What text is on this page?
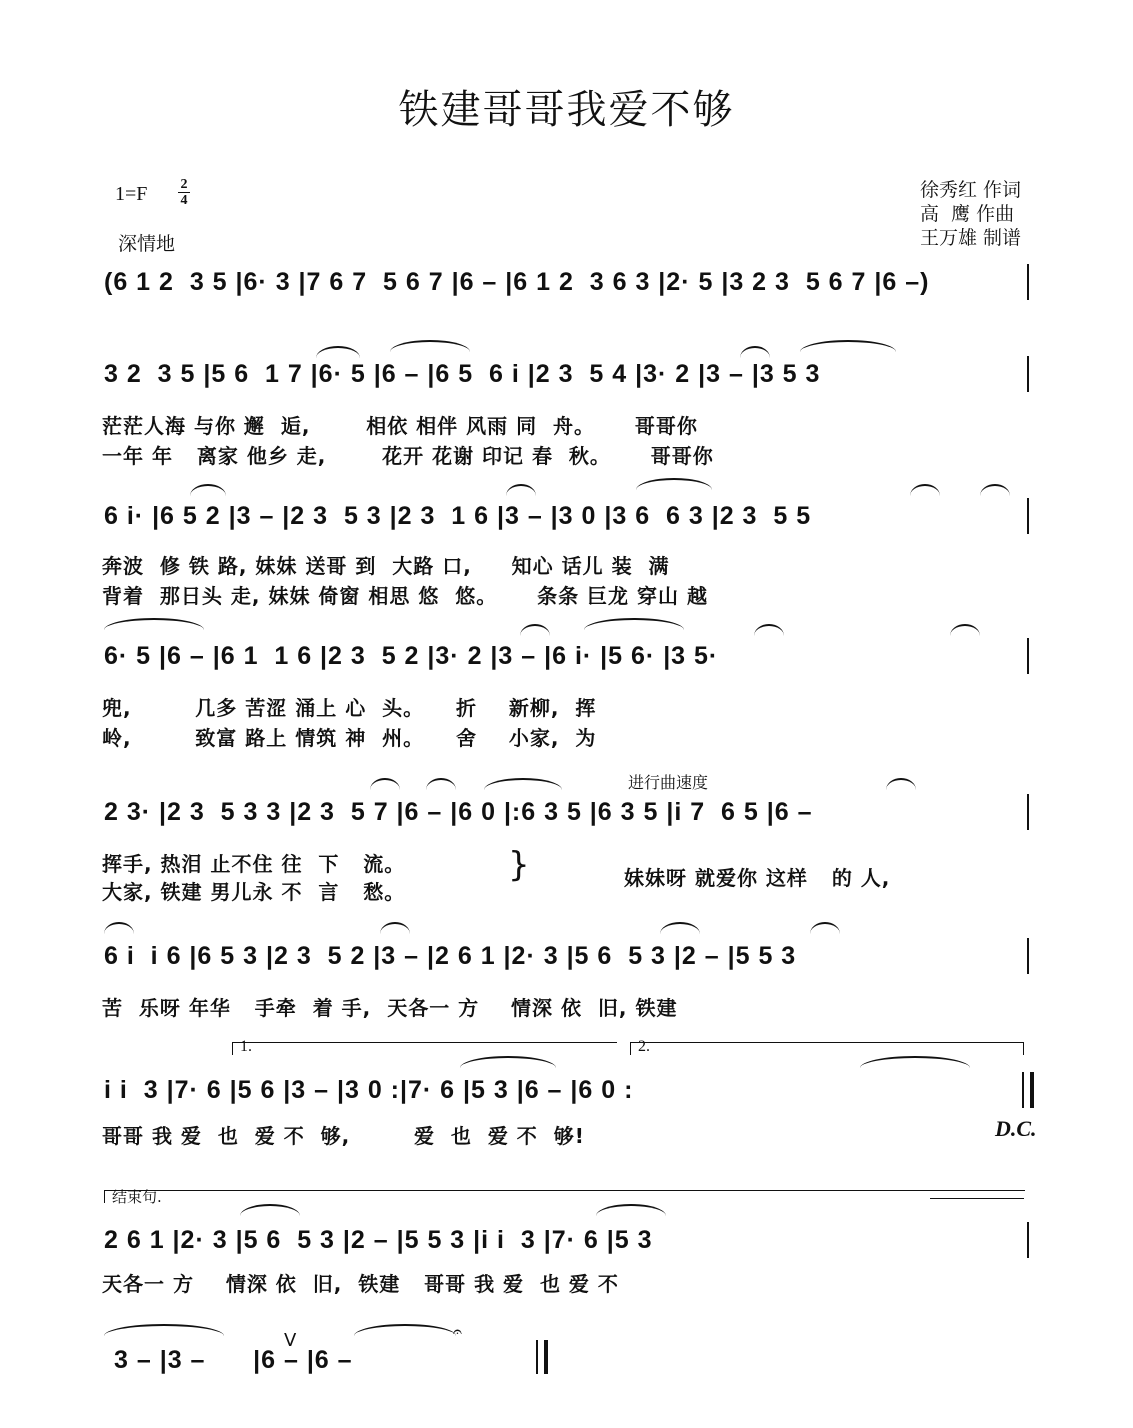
铁建哥哥我爱不够
1=F 2
4
深情地
徐秀红 作词
高  鹰 作曲
王万雄 制谱
(6 1 2  3 5 |6· 3 |7 6 7  5 6 7 |6 – |6 1 2  3 6 3 |2· 5 |3 2 3  5 6 7 |6 –)
3 2  3 5 |5 6  1 7 |6· 5 |6 – |6 5  6 i |2 3  5 4 |3· 2 |3 – |3 5 3
茫茫人海 与你 邂  逅,       相依 相伴 风雨 同  舟。     哥哥你
一年 年   离家 他乡 走,       花开 花谢 印记 春  秋。     哥哥你
6 i· |6 5 2 |3 – |2 3  5 3 |2 3  1 6 |3 – |3 0 |3 6  6 3 |2 3  5 5
奔波  修 铁 路, 妹妹 送哥 到  大路 口,     知心 话儿 装  满
背着  那日头 走, 妹妹 倚窗 相思 悠  悠。     条条 巨龙 穿山 越
6· 5 |6 – |6 1  1 6 |2 3  5 2 |3· 2 |3 – |6 i· |5 6· |3 5·
兜,        几多 苦涩 涌上 心  头。    折    新柳,  挥
岭,        致富 路上 情筑 神  州。    舍    小家,  为
进行曲速度
2 3· |2 3  5 3 3 |2 3  5 7 |6 – |6 0 |:6 3 5 |6 3 5 |i 7  6 5 |6 –
挥手, 热泪 止不住 往  下   流。
大家, 铁建 男儿永 不  言   愁。
}	妹妹呀 就爱你 这样   的 人,
6 i  i 6 |6 5 3 |2 3  5 2 |3 – |2 6 1 |2· 3 |5 6  5 3 |2 – |5 5 3
苦  乐呀 年华   手牵  着 手,  天各一 方    情深 依  旧, 铁建
1.	2.
i i  3 |7· 6 |5 6 |3 – |3 0 :|7· 6 |5 3 |6 – |6 0 :
哥哥 我 爱  也  爱 不  够,        爱  也  爱 不  够!	D.C.
结束句.
2 6 1 |2· 3 |5 6  5 3 |2 – |5 5 3 |i i  3 |7· 6 |5 3
天各一 方    情深 依  旧,  铁建   哥哥 我 爱  也 爱 不
3 – |3 –      |6 – |6 –
V	𝄐
